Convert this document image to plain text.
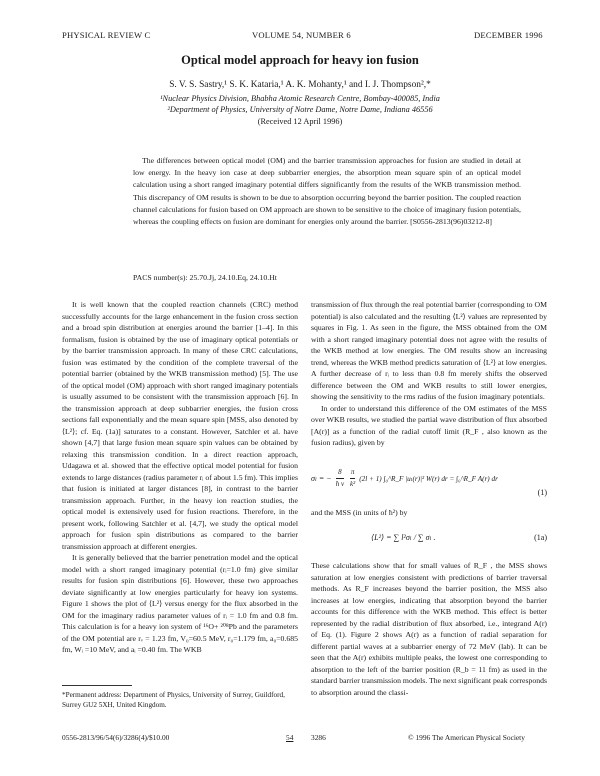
PHYSICAL REVIEW C	VOLUME 54, NUMBER 6	DECEMBER 1996
Optical model approach for heavy ion fusion
S. V. S. Sastry,¹ S. K. Kataria,¹ A. K. Mohanty,¹ and I. J. Thompson²,*
¹Nuclear Physics Division, Bhabha Atomic Research Centre, Bombay-400085, India
²Department of Physics, University of Notre Dame, Notre Dame, Indiana 46556
(Received 12 April 1996)
The differences between optical model (OM) and the barrier transmission approaches for fusion are studied in detail at low energy. In the heavy ion case at deep subbarrier energies, the absorption mean square spin of an optical model calculation using a short ranged imaginary potential differs significantly from the results of the WKB transmission method. This discrepancy of OM results is shown to be due to absorption occurring beyond the barrier position. The coupled reaction channel calculations for fusion based on OM approach are shown to be sensitive to the choice of imaginary fusion potentials, whereas the coupling effects on fusion are dominant for energies only around the barrier. [S0556-2813(96)03212-8]
PACS number(s): 25.70.Jj, 24.10.Eq, 24.10.Ht

It is well known that the coupled reaction channels (CRC) method successfully accounts for the large enhancement in the fusion cross section and a broad spin distribution at energies around the barrier [1–4]. In this formalism, fusion is obtained by the use of imaginary optical potentials or by the barrier transmission approach. In many of these CRC calculations, fusion was estimated by the condition of the complete traversal of the potential barrier (obtained by the WKB transmission method) [5]. The use of the optical model (OM) approach with short ranged imaginary potentials is usually assumed to be consistent with the transmission approach [6]. In the transmission approach at deep subbarrier energies, the fusion cross sections fall exponentially and the mean square spin [MSS, also denoted by ⟨L²⟩; cf. Eq. (1a)] saturates to a constant. However, Satchler et al. have shown [4,7] that large fusion mean square spin values can be obtained by relaxing this transmission condition. In a direct reaction approach, Udagawa et al. showed that the effective optical model potential for fusion extends to large distances (radius parameter rᵢ of about 1.5 fm). This implies that fusion is initiated at larger distances [8], in contrast to the barrier transmission approach. Further, in the heavy ion reaction studies, the optical model is extensively used for fusion reactions. Therefore, in the present work, following Satchler et al. [4,7], we study the optical model approach for fusion spin distributions as compared to the barrier transmission approach at different energies.

It is generally believed that the barrier penetration model and the optical model with a short ranged imaginary potential (rᵢ=1.0 fm) give similar results for fusion spin distributions [6]. However, these two approaches deviate significantly at low energies particularly for heavy ion systems. Figure 1 shows the plot of ⟨L²⟩ versus energy for the flux absorbed in the OM for the imaginary radius parameter values of rᵢ = 1.0 fm and 0.8 fm. This calculation is for a heavy ion system of ¹⁶O+ ²⁰⁸Pb and the parameters of the OM potential are rᵥ = 1.23 fm, V₀=60.5 MeV, r₀=1.179 fm, a₀=0.685 fm, Wᵢ =10 MeV, and aᵢ =0.40 fm. The WKB

*Permanent address: Department of Physics, University of Surrey, Guildford, Surrey GU2 5XH, United Kingdom.

transmission of flux through the real potential barrier (corresponding to OM potential) is also calculated and the resulting ⟨L²⟩ values are represented by squares in Fig. 1. As seen in the figure, the MSS obtained from the OM with a short ranged imaginary potential does not agree with the results of the WKB method at low energies. The OM results show an increasing trend, whereas the WKB method predicts saturation of ⟨L²⟩ at low energies. A further decrease of rᵢ to less than 0.8 fm merely shifts the observed difference between the OM and WKB results to still lower energies, showing the sensitivity to the rms radius of the fusion imaginary potentials.

In order to understand this difference of the OM estimates of the MSS over WKB results, we studied the partial wave distribution of flux absorbed [A(r)] as a function of the radial cutoff limit (R_F , also known as the fusion radius), given by

σₗ = − $\frac{8}{\text{ħ v}}$
$\frac{\pi}{\text{k²}} (2l + 1)$ ∫₀^R_F |uₗ(r)|² W(r) dr = ∫₀^R_F A(r) dr
(1)

and the MSS (in units of ħ²) by

⟨L²⟩ = ∑ l²σₗ / ∑ σₗ .	(1a)

These calculations show that for small values of R_F , the MSS shows saturation at low energies consistent with predictions of barrier traversal methods. As R_F increases beyond the barrier position, the MSS also increases at low energies, indicating that absorption beyond the barrier accounts for this difference with the WKB method. This effect is better represented by the radial distribution of flux absorbed, i.e., integrand A(r) of Eq. (1). Figure 2 shows A(r) as a function of radial separation for different partial waves at a subbarrier energy of 72 MeV (lab). It can be seen that the A(r) exhibits multiple peaks, the lowest one corresponding to absorption to the left of the barrier position (R_b = 11 fm) as used in the standard barrier transmission models. The next significant peak corresponds to absorption around the classi-

0556-2813/96/54(6)/3286(4)/$10.00	54 3286	© 1996 The American Physical Society
